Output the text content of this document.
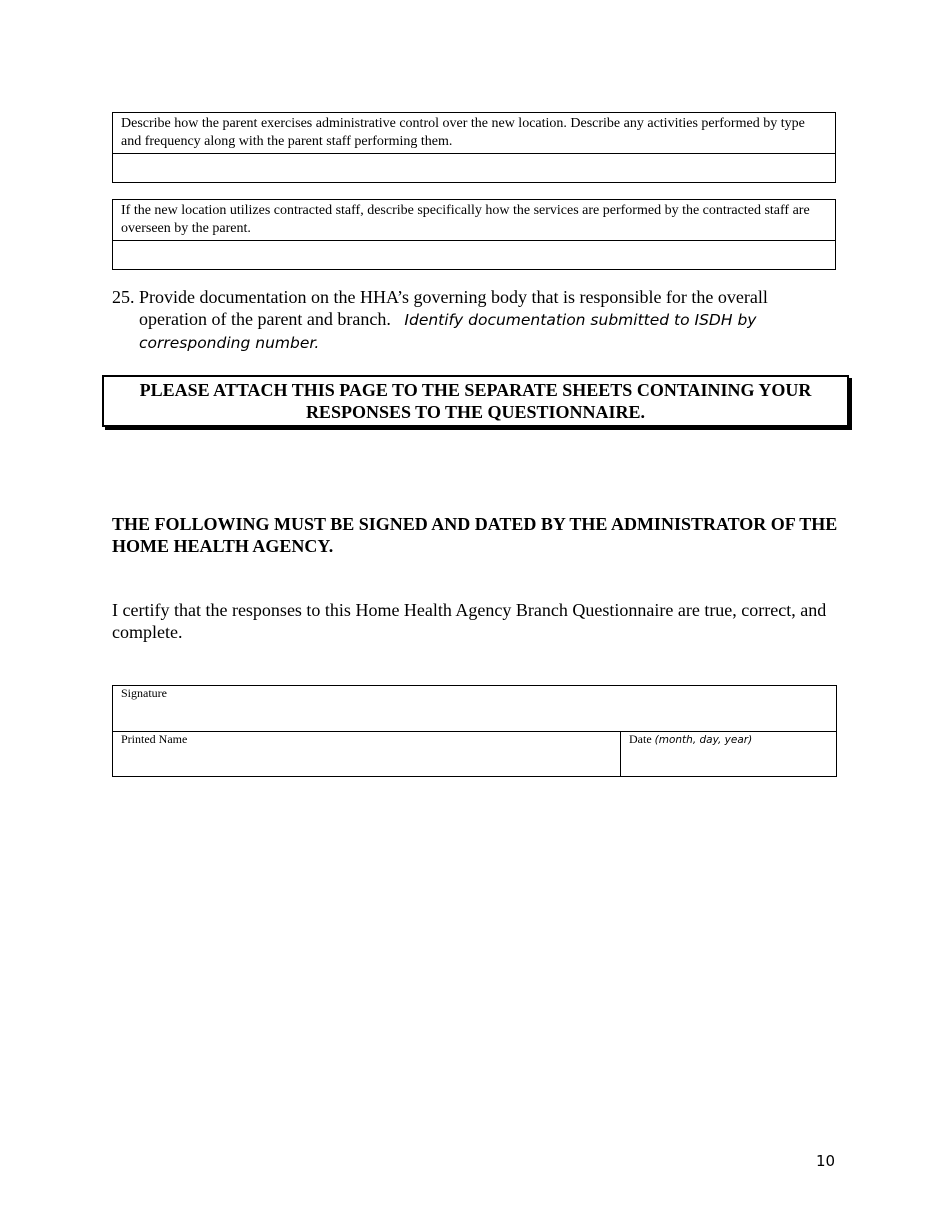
Describe how the parent exercises administrative control over the new location. Describe any activities performed by type and frequency along with the parent staff performing them.
If the new location utilizes contracted staff, describe specifically how the services are performed by the contracted staff are overseen by the parent.
25. Provide documentation on the HHA’s governing body that is responsible for the overall operation of the parent and branch. Identify documentation submitted to ISDH by corresponding number.
PLEASE ATTACH THIS PAGE TO THE SEPARATE SHEETS CONTAINING YOUR RESPONSES TO THE QUESTIONNAIRE.
THE FOLLOWING MUST BE SIGNED AND DATED BY THE ADMINISTRATOR OF THE HOME HEALTH AGENCY.
I certify that the responses to this Home Health Agency Branch Questionnaire are true, correct, and complete.
Signature
Printed Name	Date (month, day, year)
10
